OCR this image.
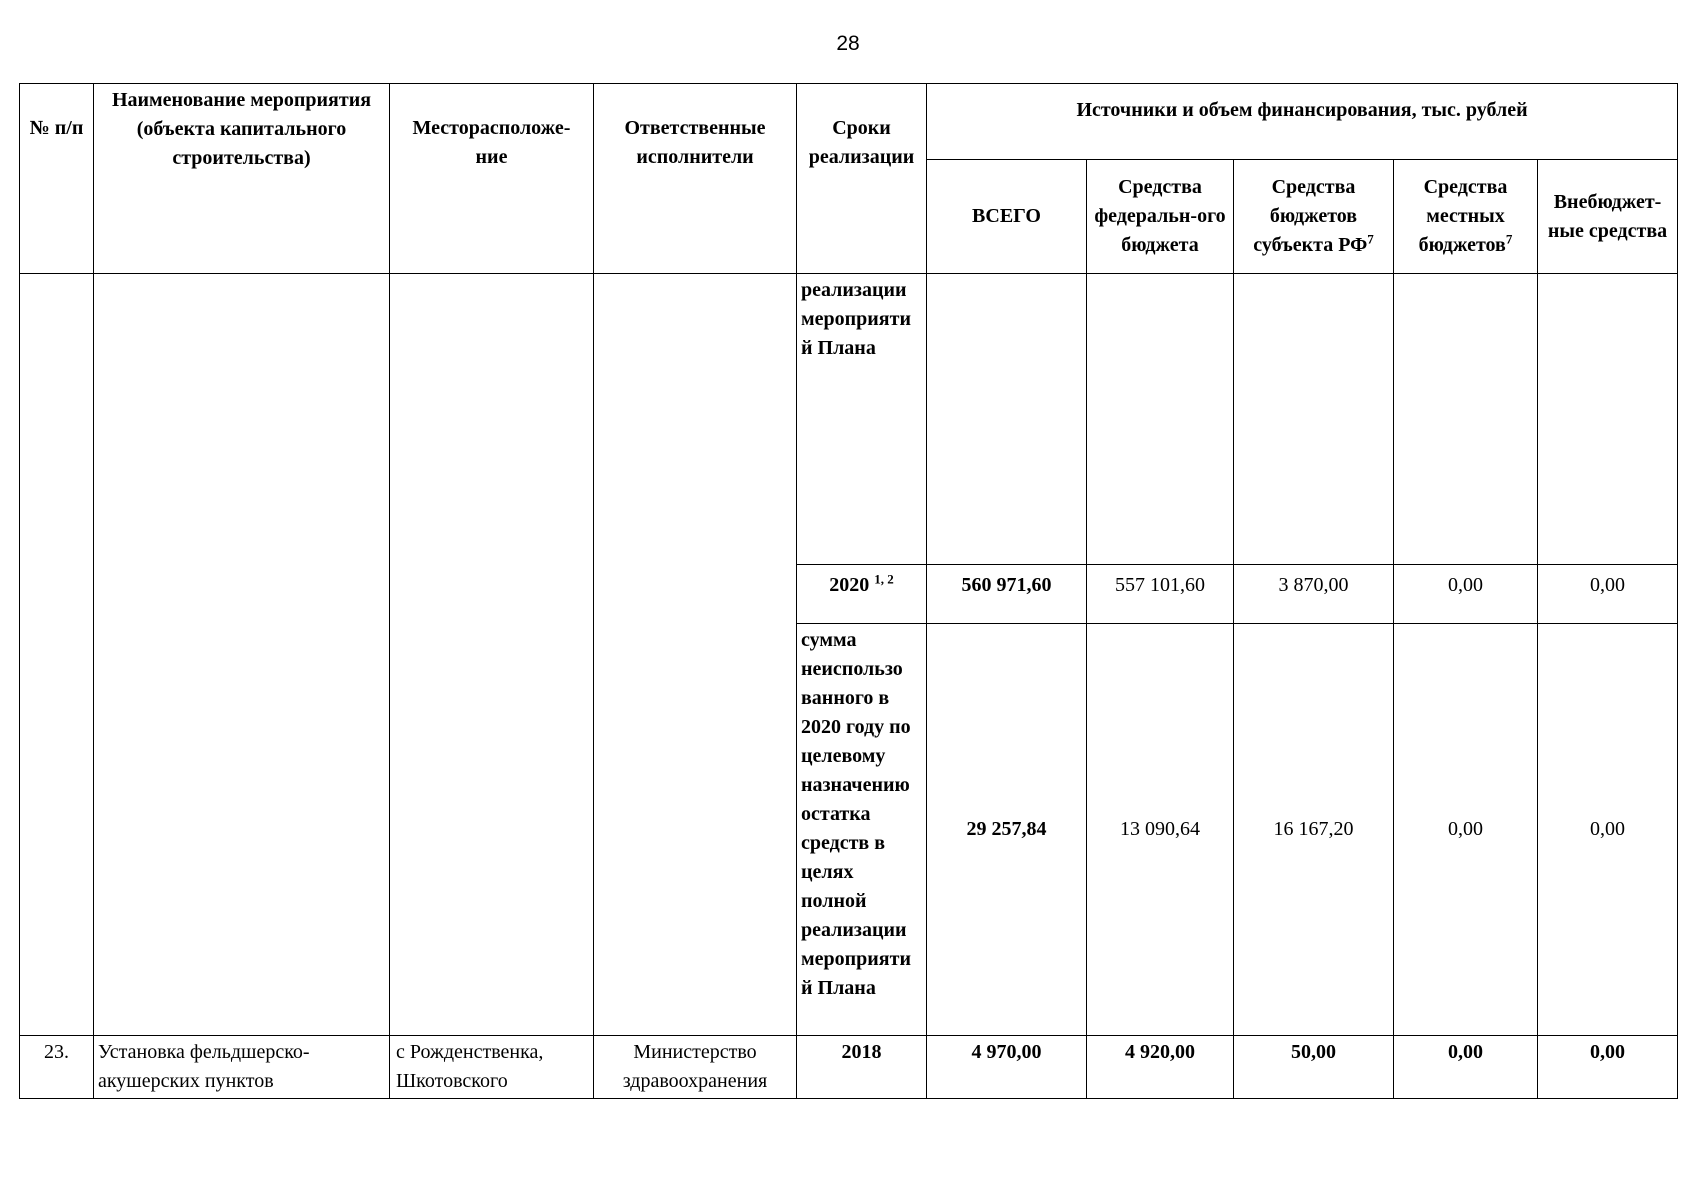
28
№ п/п	Наименование мероприятия (объекта капитального строительства)	Месторасположе-ние	Ответственные исполнители	Сроки реализации	Источники и объем финансирования, тыс. рублей				
					ВСЕГО	Средства федеральн-ого бюджета	Средства бюджетов субъекта $РФ^7$	Средства местных бюджетов$^7$	Внебюджет-ные средства
				реализации мероприяти й Плана					
				2020 $^{1, 2}$	560 971,60	557 101,60	3 870,00	0,00	0,00
				сумма неиспользо ванного в 2020 году по целевому назначению остатка средств в целях полной реализации мероприяти й Плана	29 257,84	13 090,64	16 167,20	0,00	0,00
23.	Установка фельдшерско-акушерских пунктов	с Рожденственка, Шкотовского	Министерство здравоохранения	2018	4 970,00	4 920,00	50,00	0,00	0,00
